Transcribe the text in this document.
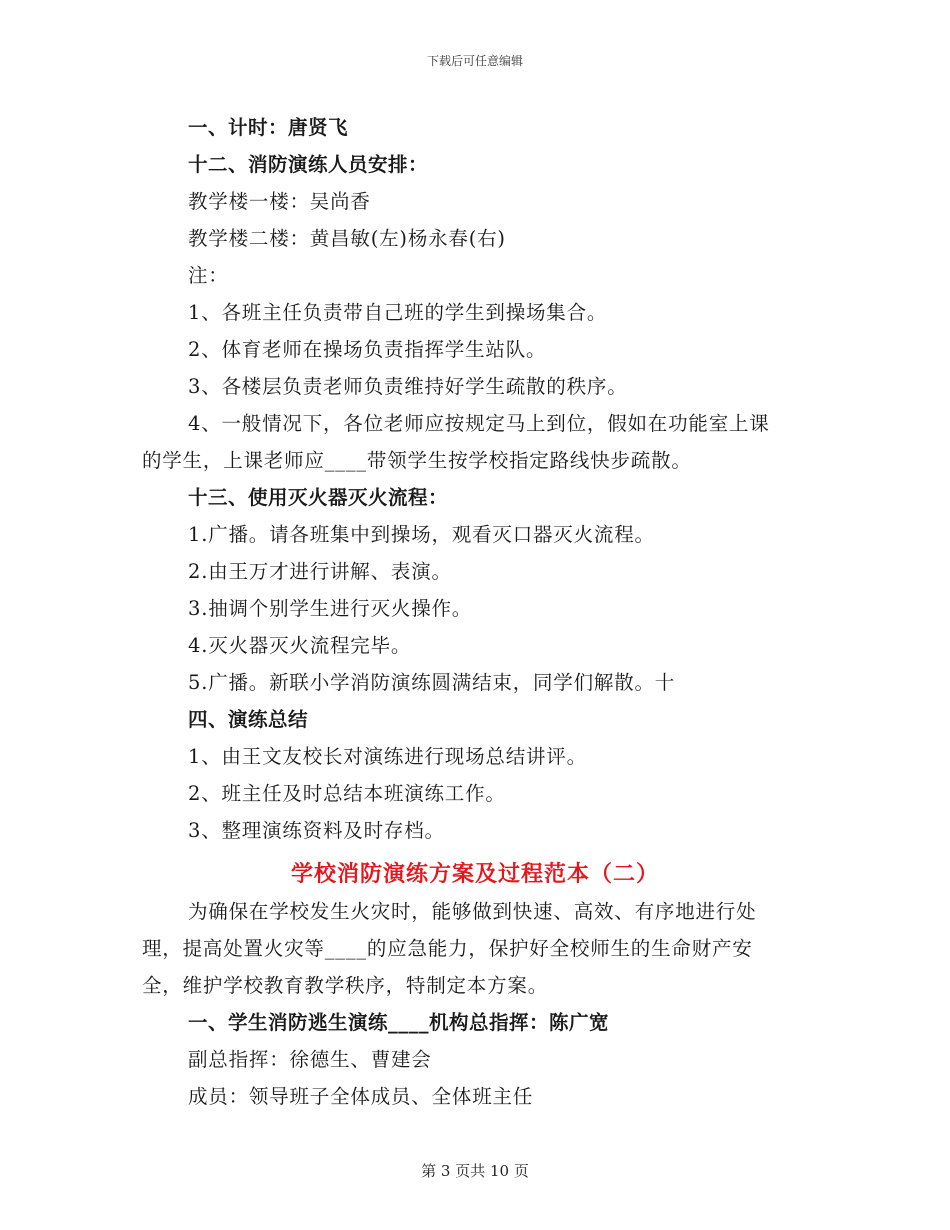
下载后可任意编辑
一、计时：唐贤飞
十二、消防演练人员安排：
教学楼一楼：吴尚香
教学楼二楼：黄昌敏(左)杨永春(右)
注：
1、各班主任负责带自己班的学生到操场集合。
2、体育老师在操场负责指挥学生站队。
3、各楼层负责老师负责维持好学生疏散的秩序。
4、一般情况下，各位老师应按规定马上到位，假如在功能室上课
的学生，上课老师应____带领学生按学校指定路线快步疏散。
十三、使用灭火器灭火流程：
1.广播。请各班集中到操场，观看灭口器灭火流程。
2.由王万才进行讲解、表演。
3.抽调个别学生进行灭火操作。
4.灭火器灭火流程完毕。
5.广播。新联小学消防演练圆满结束，同学们解散。十
四、演练总结
1、由王文友校长对演练进行现场总结讲评。
2、班主任及时总结本班演练工作。
3、整理演练资料及时存档。
学校消防演练方案及过程范本（二）
为确保在学校发生火灾时，能够做到快速、高效、有序地进行处
理，提高处置火灾等____的应急能力，保护好全校师生的生命财产安
全，维护学校教育教学秩序，特制定本方案。
一、学生消防逃生演练____机构总指挥：陈广宽
副总指挥：徐德生、曹建会
成员：领导班子全体成员、全体班主任
第 3 页共 10 页
